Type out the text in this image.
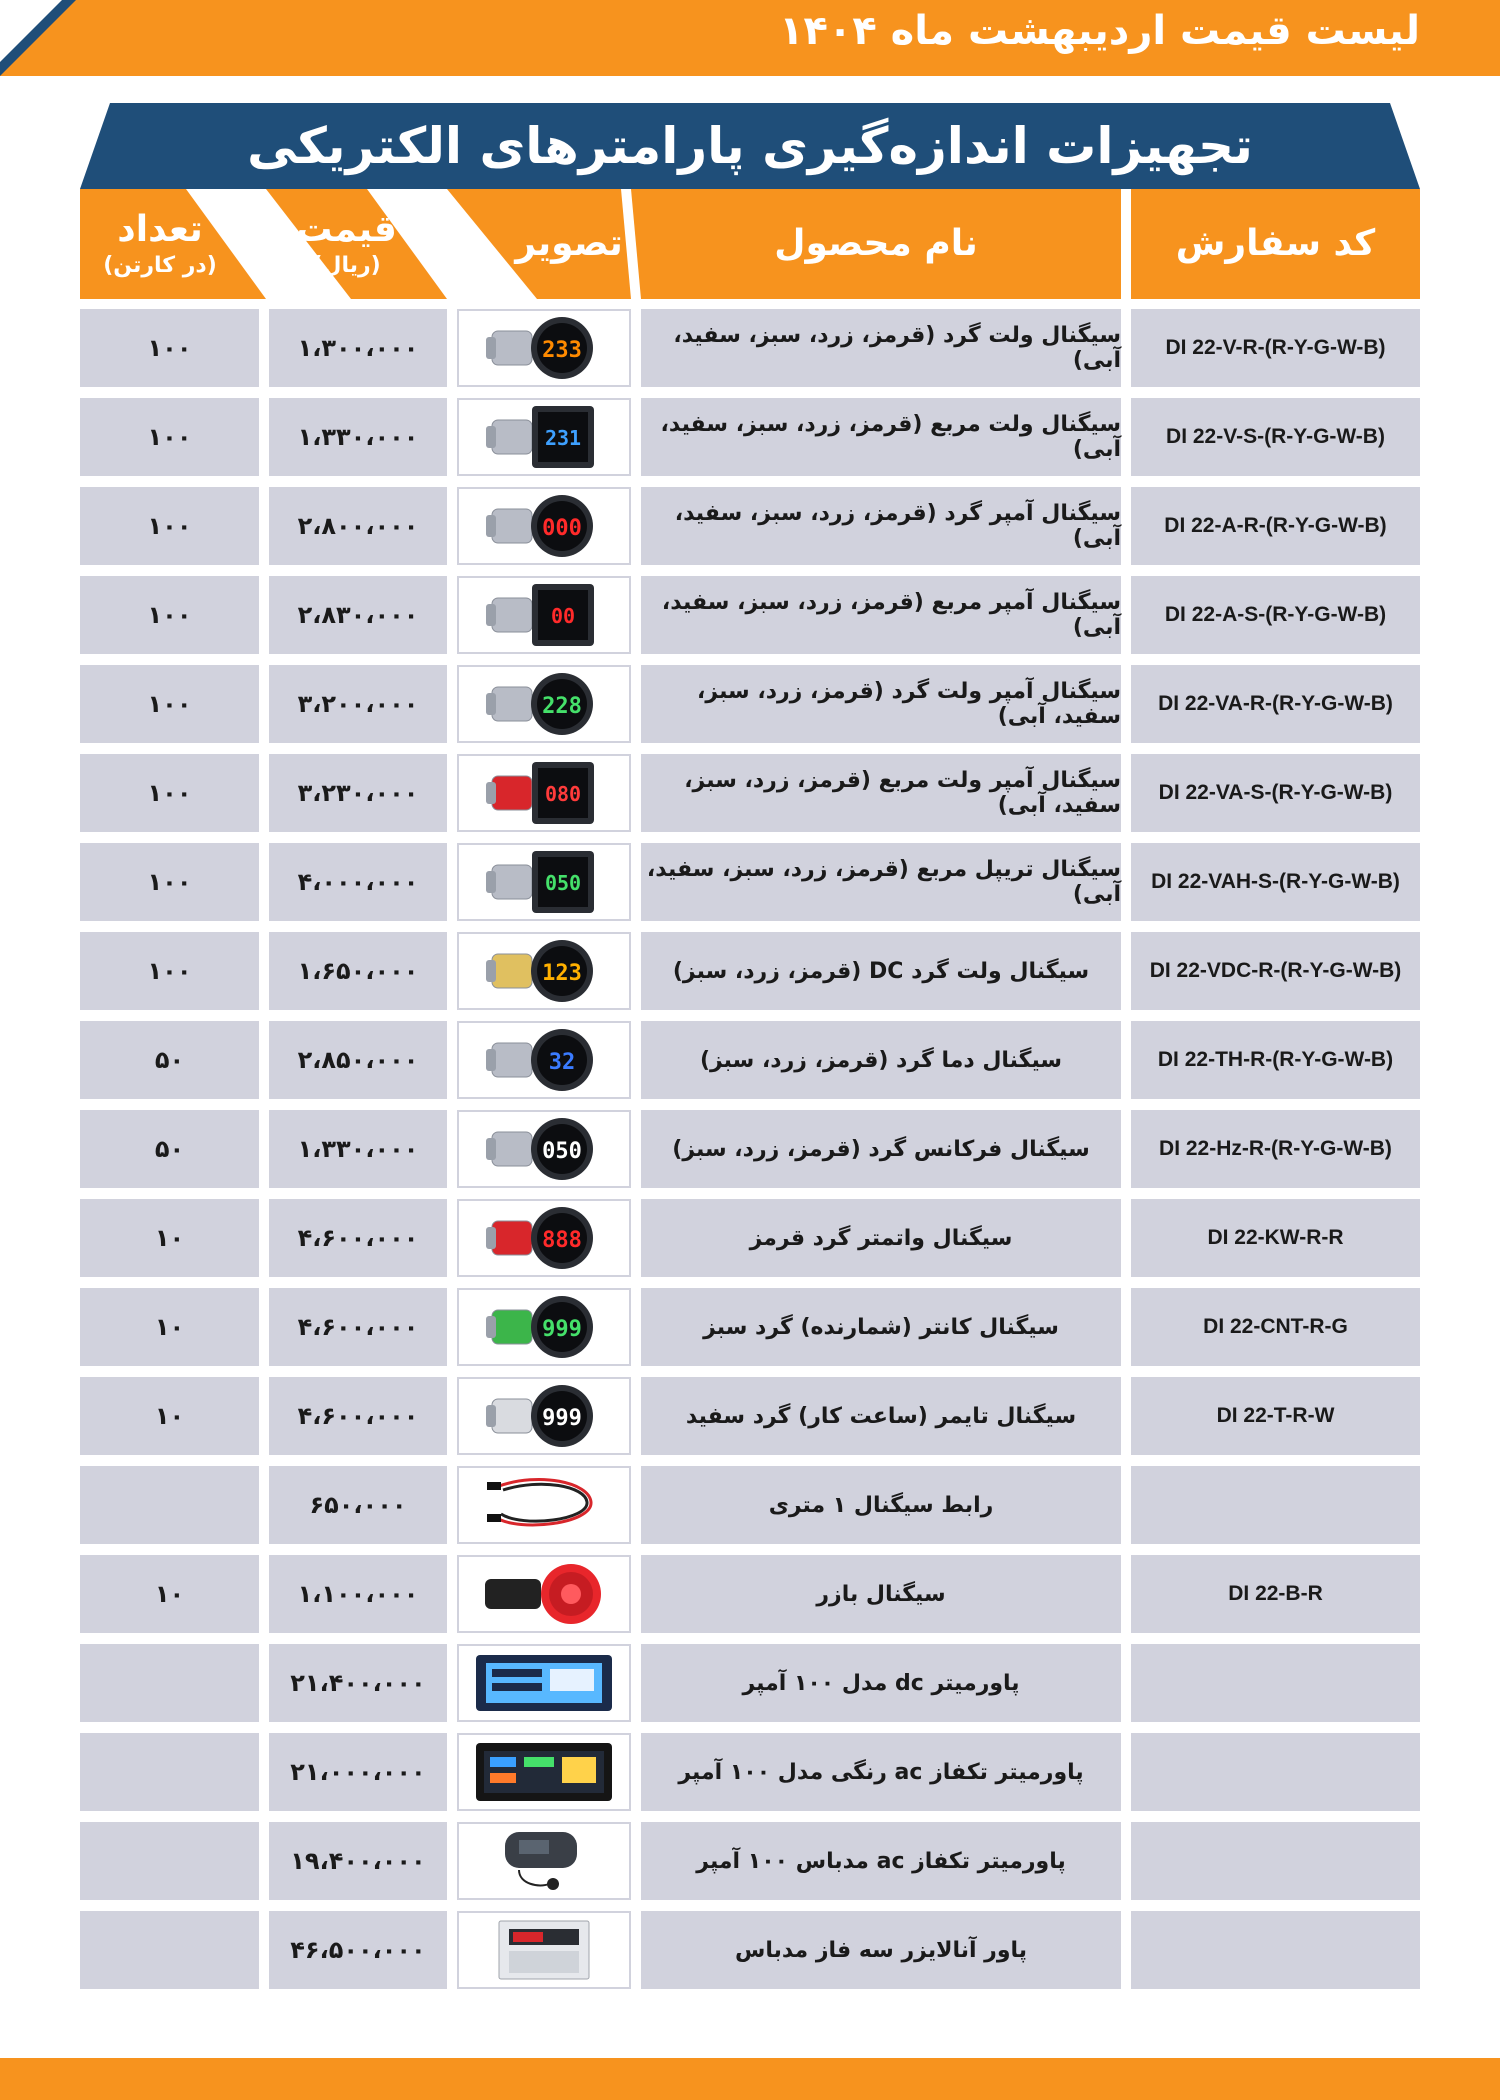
لیست قیمت اردیبهشت ماه ۱۴۰۴
تجهیزات اندازه‌گیری پارامترهای الکتریکی
کد سفارش
نام محصول
تصویر
قیمت
(ریال)
تعداد
(در کارتن)
DI 22-V-R-(R-Y-G-W-B)
سیگنال ولت گرد (قرمز، زرد، سبز، سفید، آبی)
233
۱،۳۰۰،۰۰۰
۱۰۰
DI 22-V-S-(R-Y-G-W-B)
سیگنال ولت مربع (قرمز، زرد، سبز، سفید، آبی)
231
۱،۳۳۰،۰۰۰
۱۰۰
DI 22-A-R-(R-Y-G-W-B)
سیگنال آمپر گرد (قرمز، زرد، سبز، سفید، آبی)
000
۲،۸۰۰،۰۰۰
۱۰۰
DI 22-A-S-(R-Y-G-W-B)
سیگنال آمپر مربع (قرمز، زرد، سبز، سفید، آبی)
00
۲،۸۳۰،۰۰۰
۱۰۰
DI 22-VA-R-(R-Y-G-W-B)
سیگنال آمپر ولت گرد (قرمز، زرد، سبز، سفید، آبی)
228
۳،۲۰۰،۰۰۰
۱۰۰
DI 22-VA-S-(R-Y-G-W-B)
سیگنال آمپر ولت مربع (قرمز، زرد، سبز، سفید، آبی)
080
۳،۲۳۰،۰۰۰
۱۰۰
DI 22-VAH-S-(R-Y-G-W-B)
سیگنال تریپل مربع (قرمز، زرد، سبز، سفید، آبی)
050
۴،۰۰۰،۰۰۰
۱۰۰
DI 22-VDC-R-(R-Y-G-W-B)
سیگنال ولت گرد DC (قرمز، زرد، سبز)
123
۱،۶۵۰،۰۰۰
۱۰۰
DI 22-TH-R-(R-Y-G-W-B)
سیگنال دما گرد (قرمز، زرد، سبز)
32
۲،۸۵۰،۰۰۰
۵۰
DI 22-Hz-R-(R-Y-G-W-B)
سیگنال فرکانس گرد (قرمز، زرد، سبز)
050
۱،۳۳۰،۰۰۰
۵۰
DI 22-KW-R-R
سیگنال واتمتر گرد قرمز
888
۴،۶۰۰،۰۰۰
۱۰
DI 22-CNT-R-G
سیگنال کانتر (شمارنده) گرد سبز
999
۴،۶۰۰،۰۰۰
۱۰
DI 22-T-R-W
سیگنال تایمر (ساعت کار) گرد سفید
999
۴،۶۰۰،۰۰۰
۱۰
رابط سیگنال ۱ متری
۶۵۰،۰۰۰
DI 22-B-R
سیگنال بازر
۱،۱۰۰،۰۰۰
۱۰
پاورمیتر dc مدل ۱۰۰ آمپر
۲۱،۴۰۰،۰۰۰
پاورمیتر تکفاز ac رنگی مدل ۱۰۰ آمپر
۲۱،۰۰۰،۰۰۰
پاورمیتر تکفاز ac مدباس ۱۰۰ آمپر
۱۹،۴۰۰،۰۰۰
پاور آنالایزر سه فاز مدباس
۴۶،۵۰۰،۰۰۰
